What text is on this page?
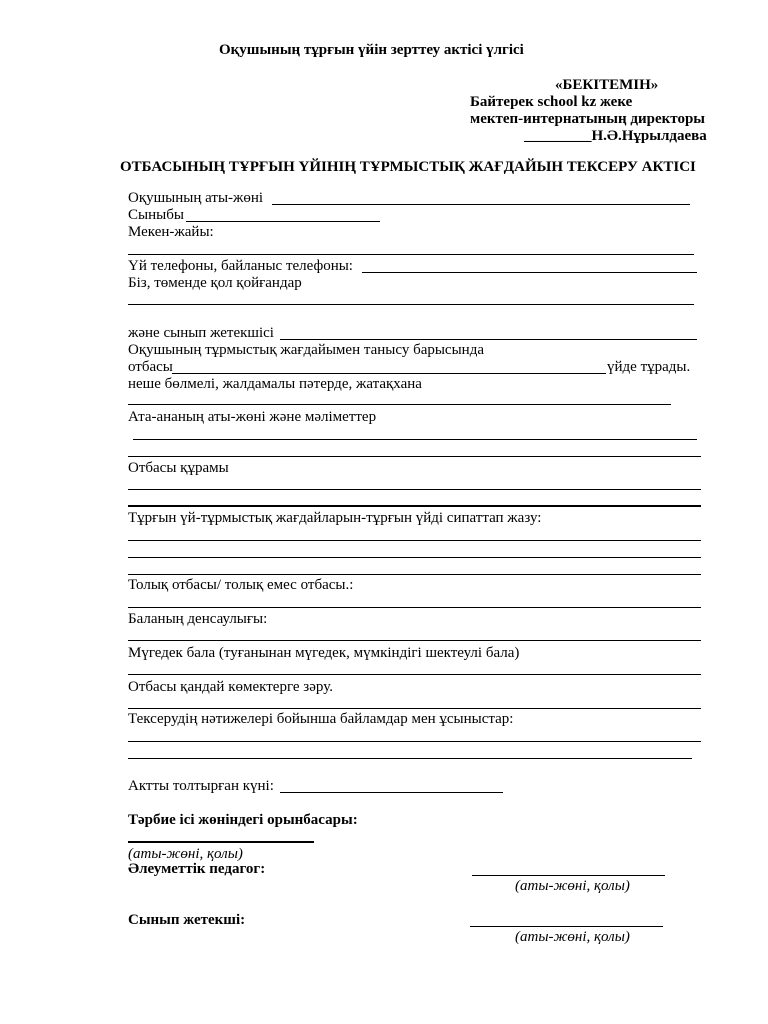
Оқушының тұрғын үйін зерттеу актісі үлгісі
«БЕКІТЕМІН»
Байтерек school kz жеке
мектеп-интернатының директоры
_________Н.Ә.Нұрылдаева
ОТБАСЫНЫҢ ТҰРҒЫН ҮЙІНІҢ ТҰРМЫСТЫҚ ЖАҒДАЙЫН ТЕКСЕРУ АКТІСІ
Оқушының аты-жөні
Сыныбы
Мекен-жайы:
Үй телефоны, байланыс телефоны:
Біз, төменде қол қойғандар
және сынып жетекшісі
Оқушының тұрмыстық жағдайымен танысу барысында
отбасы	үйде тұрады.
неше бөлмелі, жалдамалы пәтерде, жатақхана
Ата-ананың аты-жөні және мәліметтер
Отбасы құрамы
Тұрғын үй-тұрмыстық жағдайларын-тұрғын үйді сипаттап жазу:
Толық отбасы/ толық емес отбасы.:
Баланың денсаулығы:
Мүгедек бала (туғанынан мүгедек, мүмкіндігі шектеулі бала)
Отбасы қандай көмектерге зәру.
Тексерудің нәтижелері бойынша байламдар мен ұсыныстар:
Актты толтырған күні:
Тәрбие ісі жөніндегі орынбасары:
(аты-жөні, қолы)
Әлеуметтік педагог:
(аты-жөні, қолы)
Сынып жетекші:
(аты-жөні, қолы)
